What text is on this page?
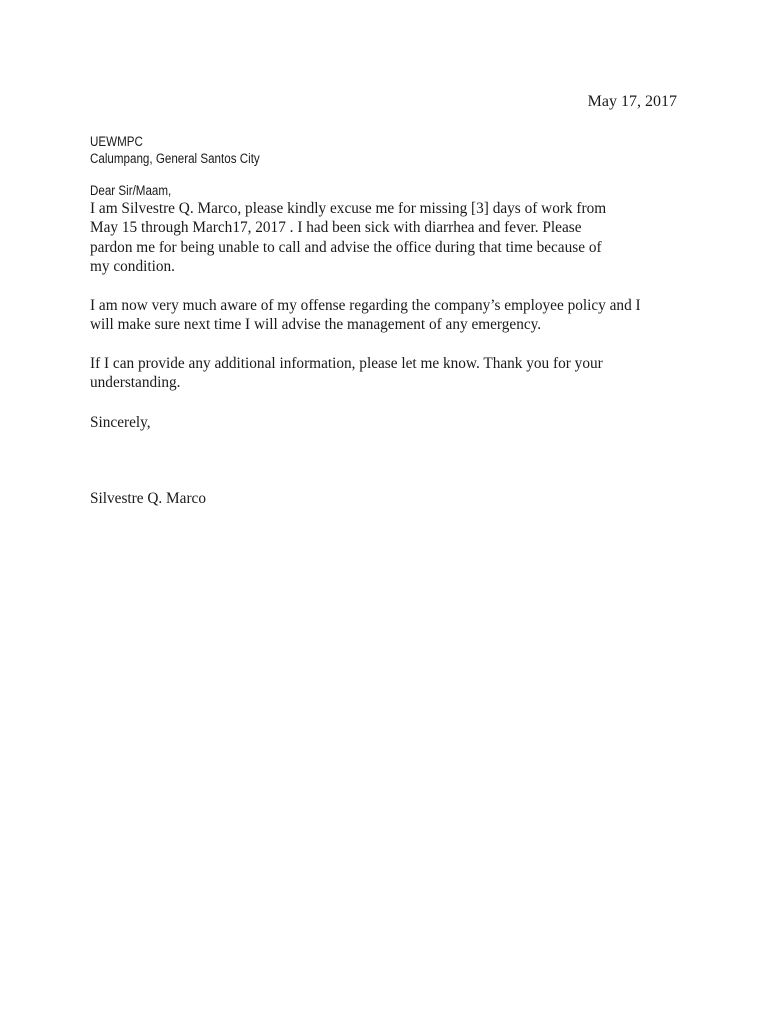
May 17, 2017
UEWMPC
Calumpang, General Santos City
Dear Sir/Maam,
I am Silvestre Q. Marco, please kindly excuse me for missing [3] days of work from
May 15 through March17, 2017 . I had been sick with diarrhea and fever. Please
pardon me for being unable to call and advise the office during that time because of
my condition.
I am now very much aware of my offense regarding the company’s employee policy and I
will make sure next time I will advise the management of any emergency.
If I can provide any additional information, please let me know. Thank you for your
understanding.
Sincerely,
Silvestre Q. Marco
